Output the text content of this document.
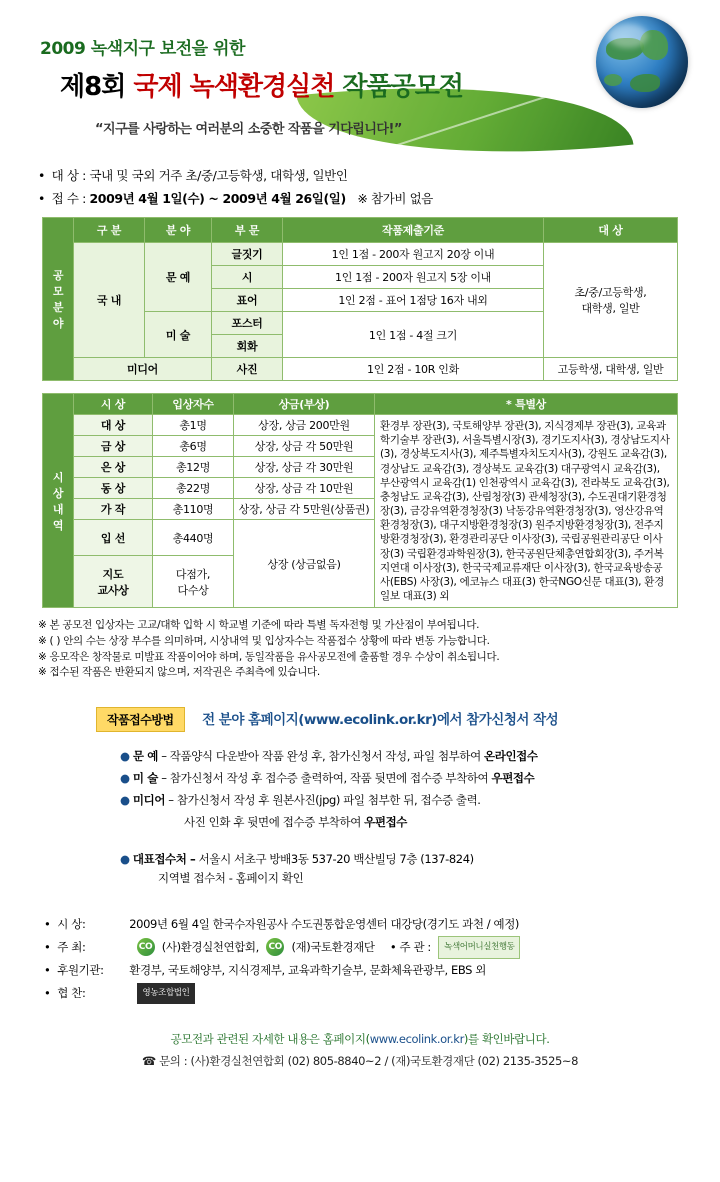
2009 녹색지구 보전을 위한
제8회 국제 녹색환경실천 작품공모전
“지구를 사랑하는 여러분의 소중한 작품을 기다립니다!”
• 대 상 : 국내 및 국외 거주 초/중/고등학생, 대학생, 일반인
• 접 수 : 2009년 4월 1일(수) ~ 2009년 4월 26일(일) ※ 참가비 없음
공
모
분
야	구 분	분 야	부 문	작품제출기준	대 상
	국 내	문 예	글짓기	1인 1점 - 200자 원고지 20장 이내	초/중/고등학생,
대학생, 일반
			시	1인 1점 - 200자 원고지 5장 이내	
			표어	1인 2점 - 표어 1점당 16자 내외	
		미 술	포스터	1인 1점 - 4절 크기	
			회화		
	미디어		사진	1인 2점 - 10R 인화	고등학생, 대학생, 일반
시
상
내
역	시 상	입상자수	상금(부상)	* 특별상
	대 상	총1명	상장, 상금 200만원	환경부 장관(3), 국토해양부 장관(3), 지식경제부 장관(3), 교육과학기술부 장관(3), 서울특별시장(3), 경기도지사(3), 경상남도지사(3), 경상북도지사(3), 제주특별자치도지사(3), 강원도 교육감(3), 경상남도 교육감(3), 경상북도 교육감(3) 대구광역시 교육감(3), 부산광역시 교육감(1) 인천광역시 교육감(3), 전라북도 교육감(3), 충청남도 교육감(3), 산림청장(3) 관세청장(3), 수도권대기환경청장(3), 금강유역환경청장(3) 낙동강유역환경청장(3), 영산강유역환경청장(3), 대구지방환경청장(3) 원주지방환경청장(3), 전주지방환경청장(3), 환경관리공단 이사장(3), 국립공원관리공단 이사장(3) 국립환경과학원장(3), 한국공원단체총연합회장(3), 주거복지연대 이사장(3), 한국국제교류재단 이사장(3), 한국교육방송공사(EBS) 사장(3), 에코뉴스 대표(3) 한국NGO신문 대표(3), 환경일보 대표(3) 외
	금 상	총6명	상장, 상금 각 50만원	
	은 상	총12명	상장, 상금 각 30만원	
	동 상	총22명	상장, 상금 각 10만원	
	가 작	총110명	상장, 상금 각 5만원(상품권)	
	입 선	총440명	상장 (상금없음)	
	지도
교사상	다점가,
다수상		

※ 본 공모전 입상자는 고교/대학 입학 시 학교별 기준에 따라 특별 독자전형 및 가산점이 부여됩니다.
※ ( ) 안의 수는 상장 부수를 의미하며, 시상내역 및 입상자수는 작품접수 상황에 따라 변동 가능합니다.
※ 응모작은 창작물로 미발표 작품이어야 하며, 동일작품을 유사공모전에 출품할 경우 수상이 취소됩니다.
※ 접수된 작품은 반환되지 않으며, 저작권은 주최측에 있습니다.
작품접수방법 전 분야 홈페이지(www.ecolink.or.kr)에서 참가신청서 작성
● 문 예 – 작품양식 다운받아 작품 완성 후, 참가신청서 작성, 파일 첨부하여 온라인접수
● 미 술 – 참가신청서 작성 후 접수증 출력하여, 작품 뒷면에 접수증 부착하여 우편접수
● 미디어 – 참가신청서 작성 후 원본사진(jpg) 파일 첨부한 뒤, 접수증 출력.
사진 인화 후 뒷면에 접수증 부착하여 우편접수
● 대표접수처 – 서울시 서초구 방배3동 537-20 백산빌딩 7층 (137-824)
지역별 접수처 - 홈페이지 확인
• 시 상:	2009년 6월 4일 한국수자원공사 수도권통합운영센터 대강당(경기도 과천 / 예정)
• 주 최:	CO (사)환경실천연합회, CO (재)국토환경재단 • 주 관 : 녹색어머니실천행동
• 후원기관: 환경부, 국토해양부, 지식경제부, 교육과학기술부, 문화체육관광부, EBS 외
• 협 찬:	영농조합법인
공모전과 관련된 자세한 내용은 홈페이지(www.ecolink.or.kr)를 확인바랍니다.
☎ 문의 : (사)환경실천연합회 (02) 805-8840~2 / (재)국토환경재단 (02) 2135-3525~8
